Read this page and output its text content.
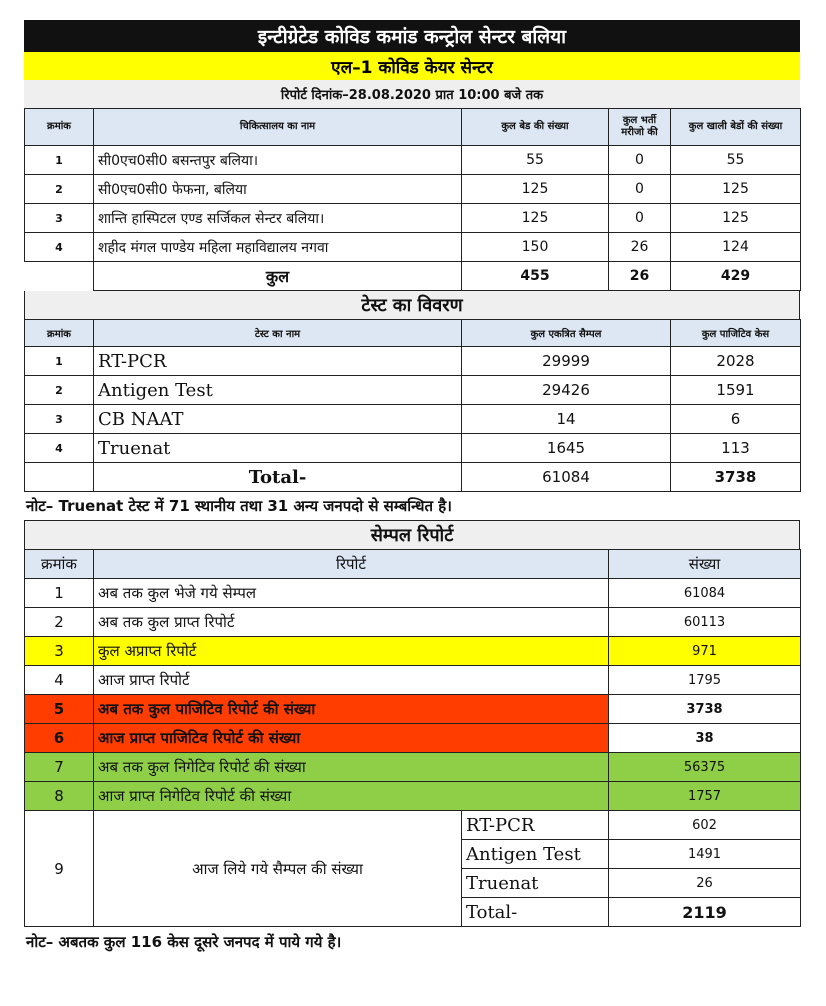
इन्टीग्रेटेड कोविड कमांड कन्ट्रोल सेन्टर बलिया
एल–1 कोविड केयर सेन्टर
रिपोर्ट दिनांक–28.08.2020 प्रात 10:00 बजे तक
क्रमांक	चिकित्सालय का नाम	कुल बेड की संख्या	कुल भर्ती मरीजो की	कुल खाली बेडों की संख्या
1	सी0एच0सी0 बसन्तपुर बलिया।	55	0	55
2	सी0एच0सी0 फेफना, बलिया	125	0	125
3	शान्ति हास्पिटल एण्ड सर्जिकल सेन्टर बलिया।	125	0	125
4	शहीद मंगल पाण्डेय महिला महाविद्यालय नगवा	150	26	124
	कुल	455	26	429
टेस्ट का विवरण
क्रमांक	टेस्ट का नाम	कुल एकत्रित सैम्पल	कुल पाजिटिव केस
1	RT-PCR	29999	2028
2	Antigen Test	29426	1591
3	CB NAAT	14	6
4	Truenat	1645	113
	Total-	61084	3738
नोट– Truenat टेस्ट में 71 स्थानीय तथा 31 अन्य जनपदो से सम्बन्धित है।
सेम्पल रिपोर्ट
क्रमांक	रिपोर्ट		संख्या
1	अब तक कुल भेजे गये सेम्पल		61084
2	अब तक कुल प्राप्त रिपोर्ट		60113
3	कुल अप्राप्त रिपोर्ट		971
4	आज प्राप्त रिपोर्ट		1795
5	अब तक कुल पाजिटिव रिपोर्ट की संख्या		3738
6	आज प्राप्त पाजिटिव रिपोर्ट की संख्या		38
7	अब तक कुल निगेटिव रिपोर्ट की संख्या		56375
8	आज प्राप्त निगेटिव रिपोर्ट की संख्या		1757
9	आज लिये गये सैम्पल की संख्या	RT-PCR	602
		Antigen Test	1491
		Truenat	26
		Total-	2119
नोट– अबतक कुल 116 केस दूसरे जनपद में पाये गये है।
